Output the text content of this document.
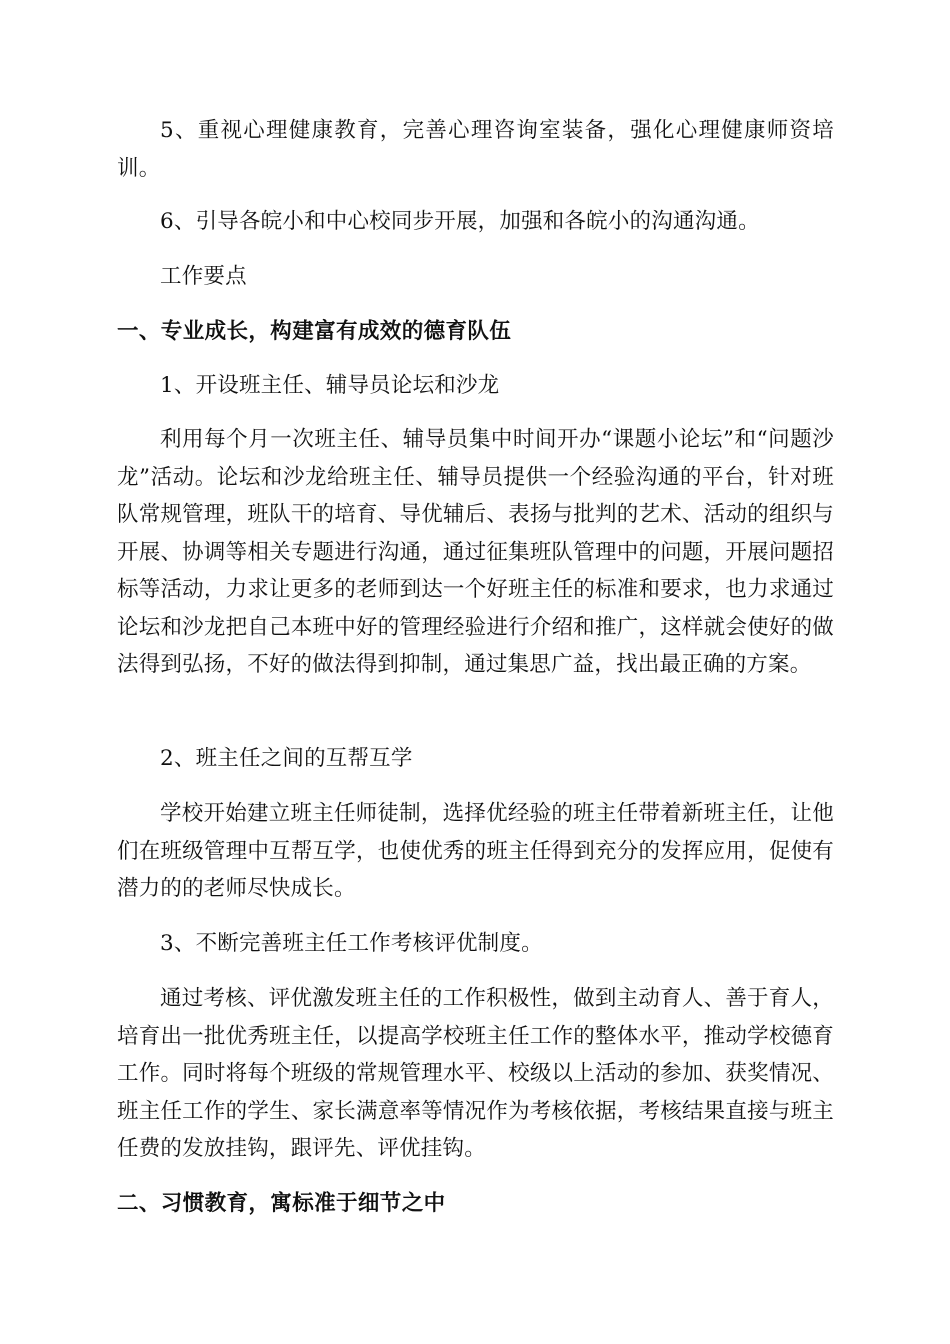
5、重视心理健康教育，完善心理咨询室装备，强化心理健康师资培训。

6、引导各皖小和中心校同步开展，加强和各皖小的沟通沟通。

工作要点

一、专业成长，构建富有成效的德育队伍

1、开设班主任、辅导员论坛和沙龙

利用每个月一次班主任、辅导员集中时间开办“课题小论坛”和“问题沙龙”活动。论坛和沙龙给班主任、辅导员提供一个经验沟通的平台，针对班队常规管理，班队干的培育、导优辅后、表扬与批判的艺术、活动的组织与开展、协调等相关专题进行沟通，通过征集班队管理中的问题，开展问题招标等活动，力求让更多的老师到达一个好班主任的标准和要求，也力求通过论坛和沙龙把自己本班中好的管理经验进行介绍和推广，这样就会使好的做法得到弘扬，不好的做法得到抑制，通过集思广益，找出最正确的方案。

2、班主任之间的互帮互学

学校开始建立班主任师徒制，选择优经验的班主任带着新班主任，让他们在班级管理中互帮互学，也使优秀的班主任得到充分的发挥应用，促使有潜力的的老师尽快成长。

3、不断完善班主任工作考核评优制度。

通过考核、评优激发班主任的工作积极性，做到主动育人、善于育人，培育出一批优秀班主任，以提高学校班主任工作的整体水平，推动学校德育工作。同时将每个班级的常规管理水平、校级以上活动的参加、获奖情况、班主任工作的学生、家长满意率等情况作为考核依据，考核结果直接与班主任费的发放挂钩，跟评先、评优挂钩。

二、习惯教育，寓标准于细节之中
